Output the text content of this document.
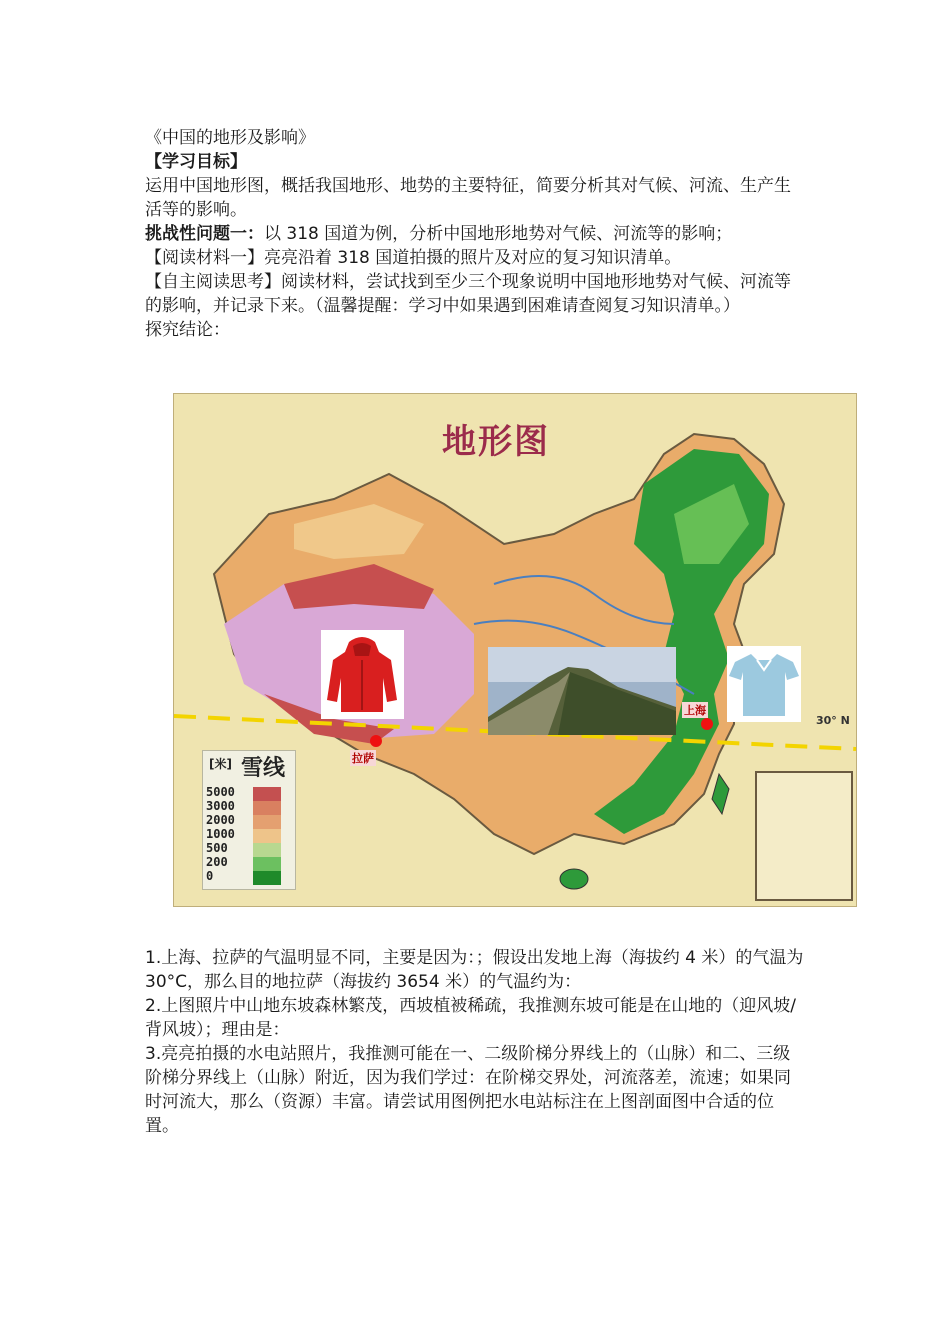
《中国的地形及影响》

【学习目标】

运用中国地形图，概括我国地形、地势的主要特征，简要分析其对气候、河流、生产生活等的影响。

挑战性问题一：以 318 国道为例，分析中国地形地势对气候、河流等的影响；

【阅读材料一】亮亮沿着 318 国道拍摄的照片及对应的复习知识清单。

【自主阅读思考】阅读材料，尝试找到至少三个现象说明中国地形地势对气候、河流等的影响，并记录下来。（温馨提醒：学习中如果遇到困难请查阅复习知识清单。）

探究结论：

地形图
拉萨
上海
30° N
[米] 雪线
5000
3000
2000
1000
500
200
0

1.上海、拉萨的气温明显不同，主要是因为：；假设出发地上海（海拔约 4 米）的气温为 30°C，那么目的地拉萨（海拔约 3654 米）的气温约为：

2.上图照片中山地东坡森林繁茂，西坡植被稀疏，我推测东坡可能是在山地的（迎风坡/背风坡）；理由是：

3.亮亮拍摄的水电站照片，我推测可能在一、二级阶梯分界线上的（山脉）和二、三级阶梯分界线上（山脉）附近，因为我们学过：在阶梯交界处，河流落差，流速；如果同时河流大，那么（资源）丰富。请尝试用图例把水电站标注在上图剖面图中合适的位置。
